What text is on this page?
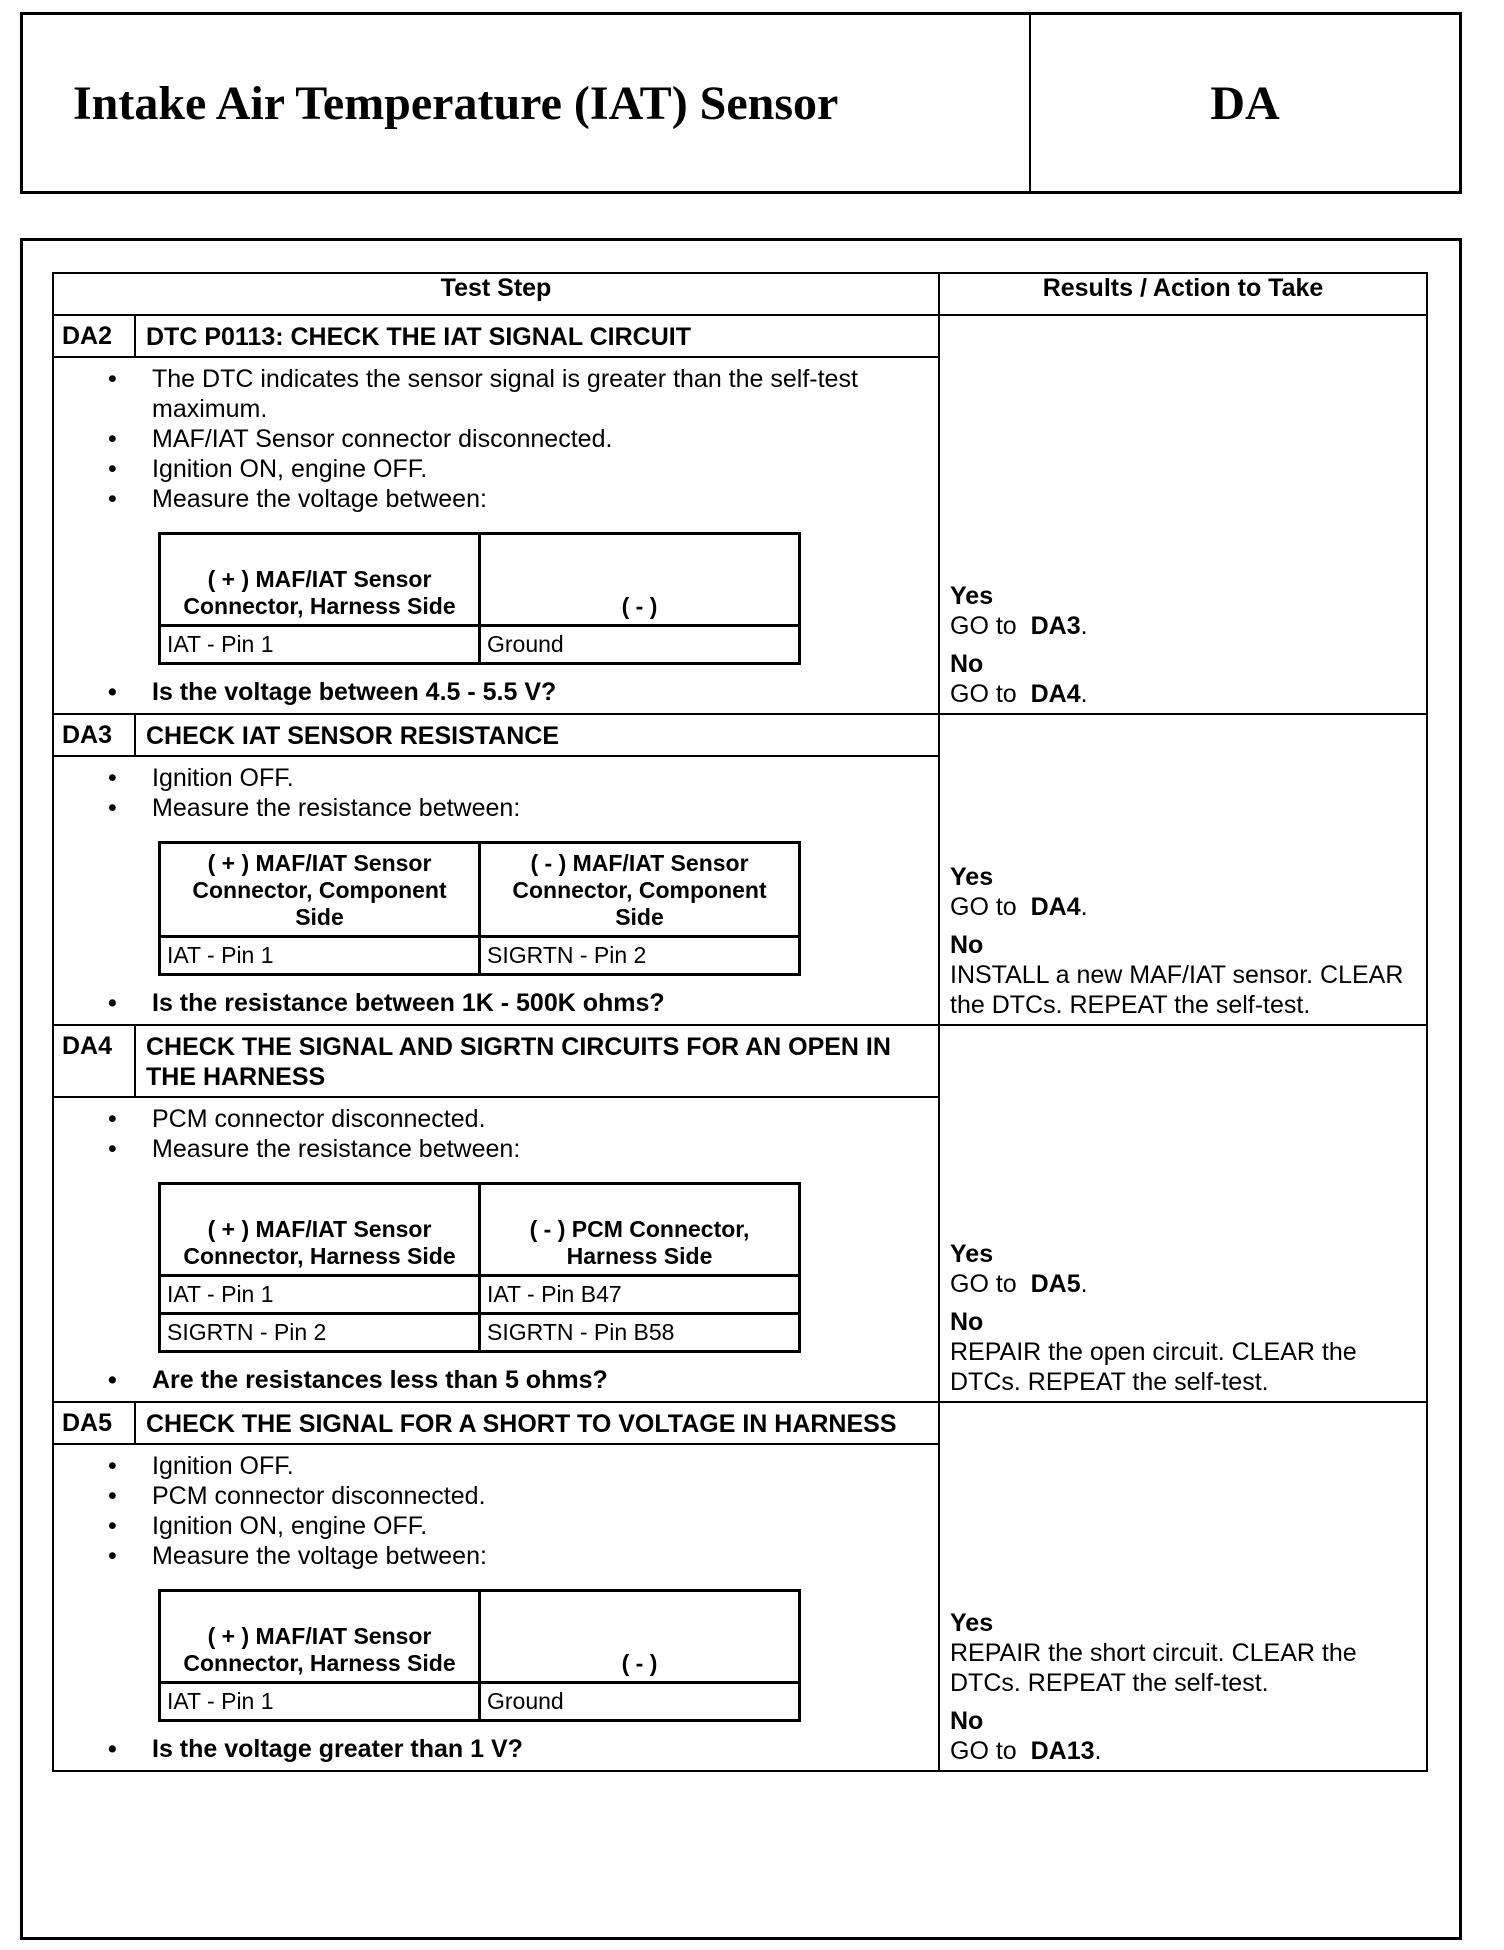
Intake Air Temperature (IAT) Sensor	DA
Test Step	Results / Action to Take
DA2	DTC P0113: CHECK THE IAT SIGNAL CIRCUIT	
Yes
GO to  DA3.
No
GO to  DA4.

• The DTC indicates the sensor signal is greater than the self-test maximum.
• MAF/IAT Sensor connector disconnected.
• Ignition ON, engine OFF.
• Measure the voltage between:
( + ) MAF/IAT Sensor Connector, Harness Side	( - )
IAT - Pin 1	Ground
• Is the voltage between 4.5 - 5.5 V?

DA3	CHECK IAT SENSOR RESISTANCE	
Yes
GO to  DA4.
No
INSTALL a new MAF/IAT sensor. CLEAR the DTCs. REPEAT the self-test.

• Ignition OFF.
• Measure the resistance between:
( + ) MAF/IAT Sensor Connector, Component Side	( - ) MAF/IAT Sensor Connector, Component Side
IAT - Pin 1	SIGRTN - Pin 2
• Is the resistance between 1K - 500K ohms?

DA4	CHECK THE SIGNAL AND SIGRTN CIRCUITS FOR AN OPEN IN THE HARNESS	
Yes
GO to  DA5.
No
REPAIR the open circuit. CLEAR the DTCs. REPEAT the self-test.

• PCM connector disconnected.
• Measure the resistance between:
( + ) MAF/IAT Sensor Connector, Harness Side	( - ) PCM Connector, Harness Side
IAT - Pin 1	IAT - Pin B47
SIGRTN - Pin 2	SIGRTN - Pin B58
• Are the resistances less than 5 ohms?

DA5	CHECK THE SIGNAL FOR A SHORT TO VOLTAGE IN HARNESS	
Yes
REPAIR the short circuit. CLEAR the DTCs. REPEAT the self-test.
No
GO to  DA13.

• Ignition OFF.
• PCM connector disconnected.
• Ignition ON, engine OFF.
• Measure the voltage between:
( + ) MAF/IAT Sensor Connector, Harness Side	( - )
IAT - Pin 1	Ground
• Is the voltage greater than 1 V?
